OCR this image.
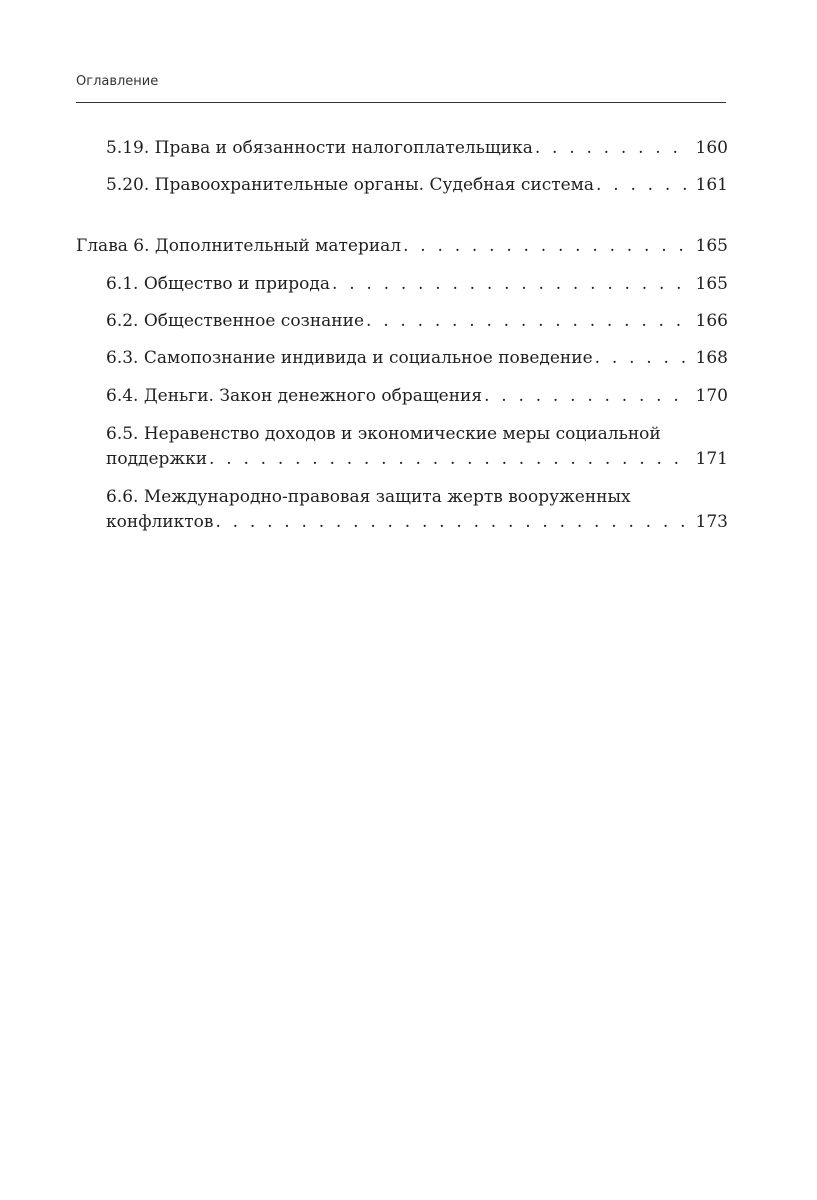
Оглавление
5.19. Права и обязанности налогоплательщика . . .	160
5.20. Правоохранительные органы. Судебная система . . .	161
Глава 6. Дополнительный материал . . .	165
6.1. Общество и природа . . .	165
6.2. Общественное сознание . . .	166
6.3. Самопознание индивида и социальное поведение . . .	168
6.4. Деньги. Закон денежного обращения . . .	170
6.5. Неравенство доходов и экономические меры социальной
поддержки . . .	171
6.6. Международно-правовая защита жертв вооруженных
конфликтов . . .	173
